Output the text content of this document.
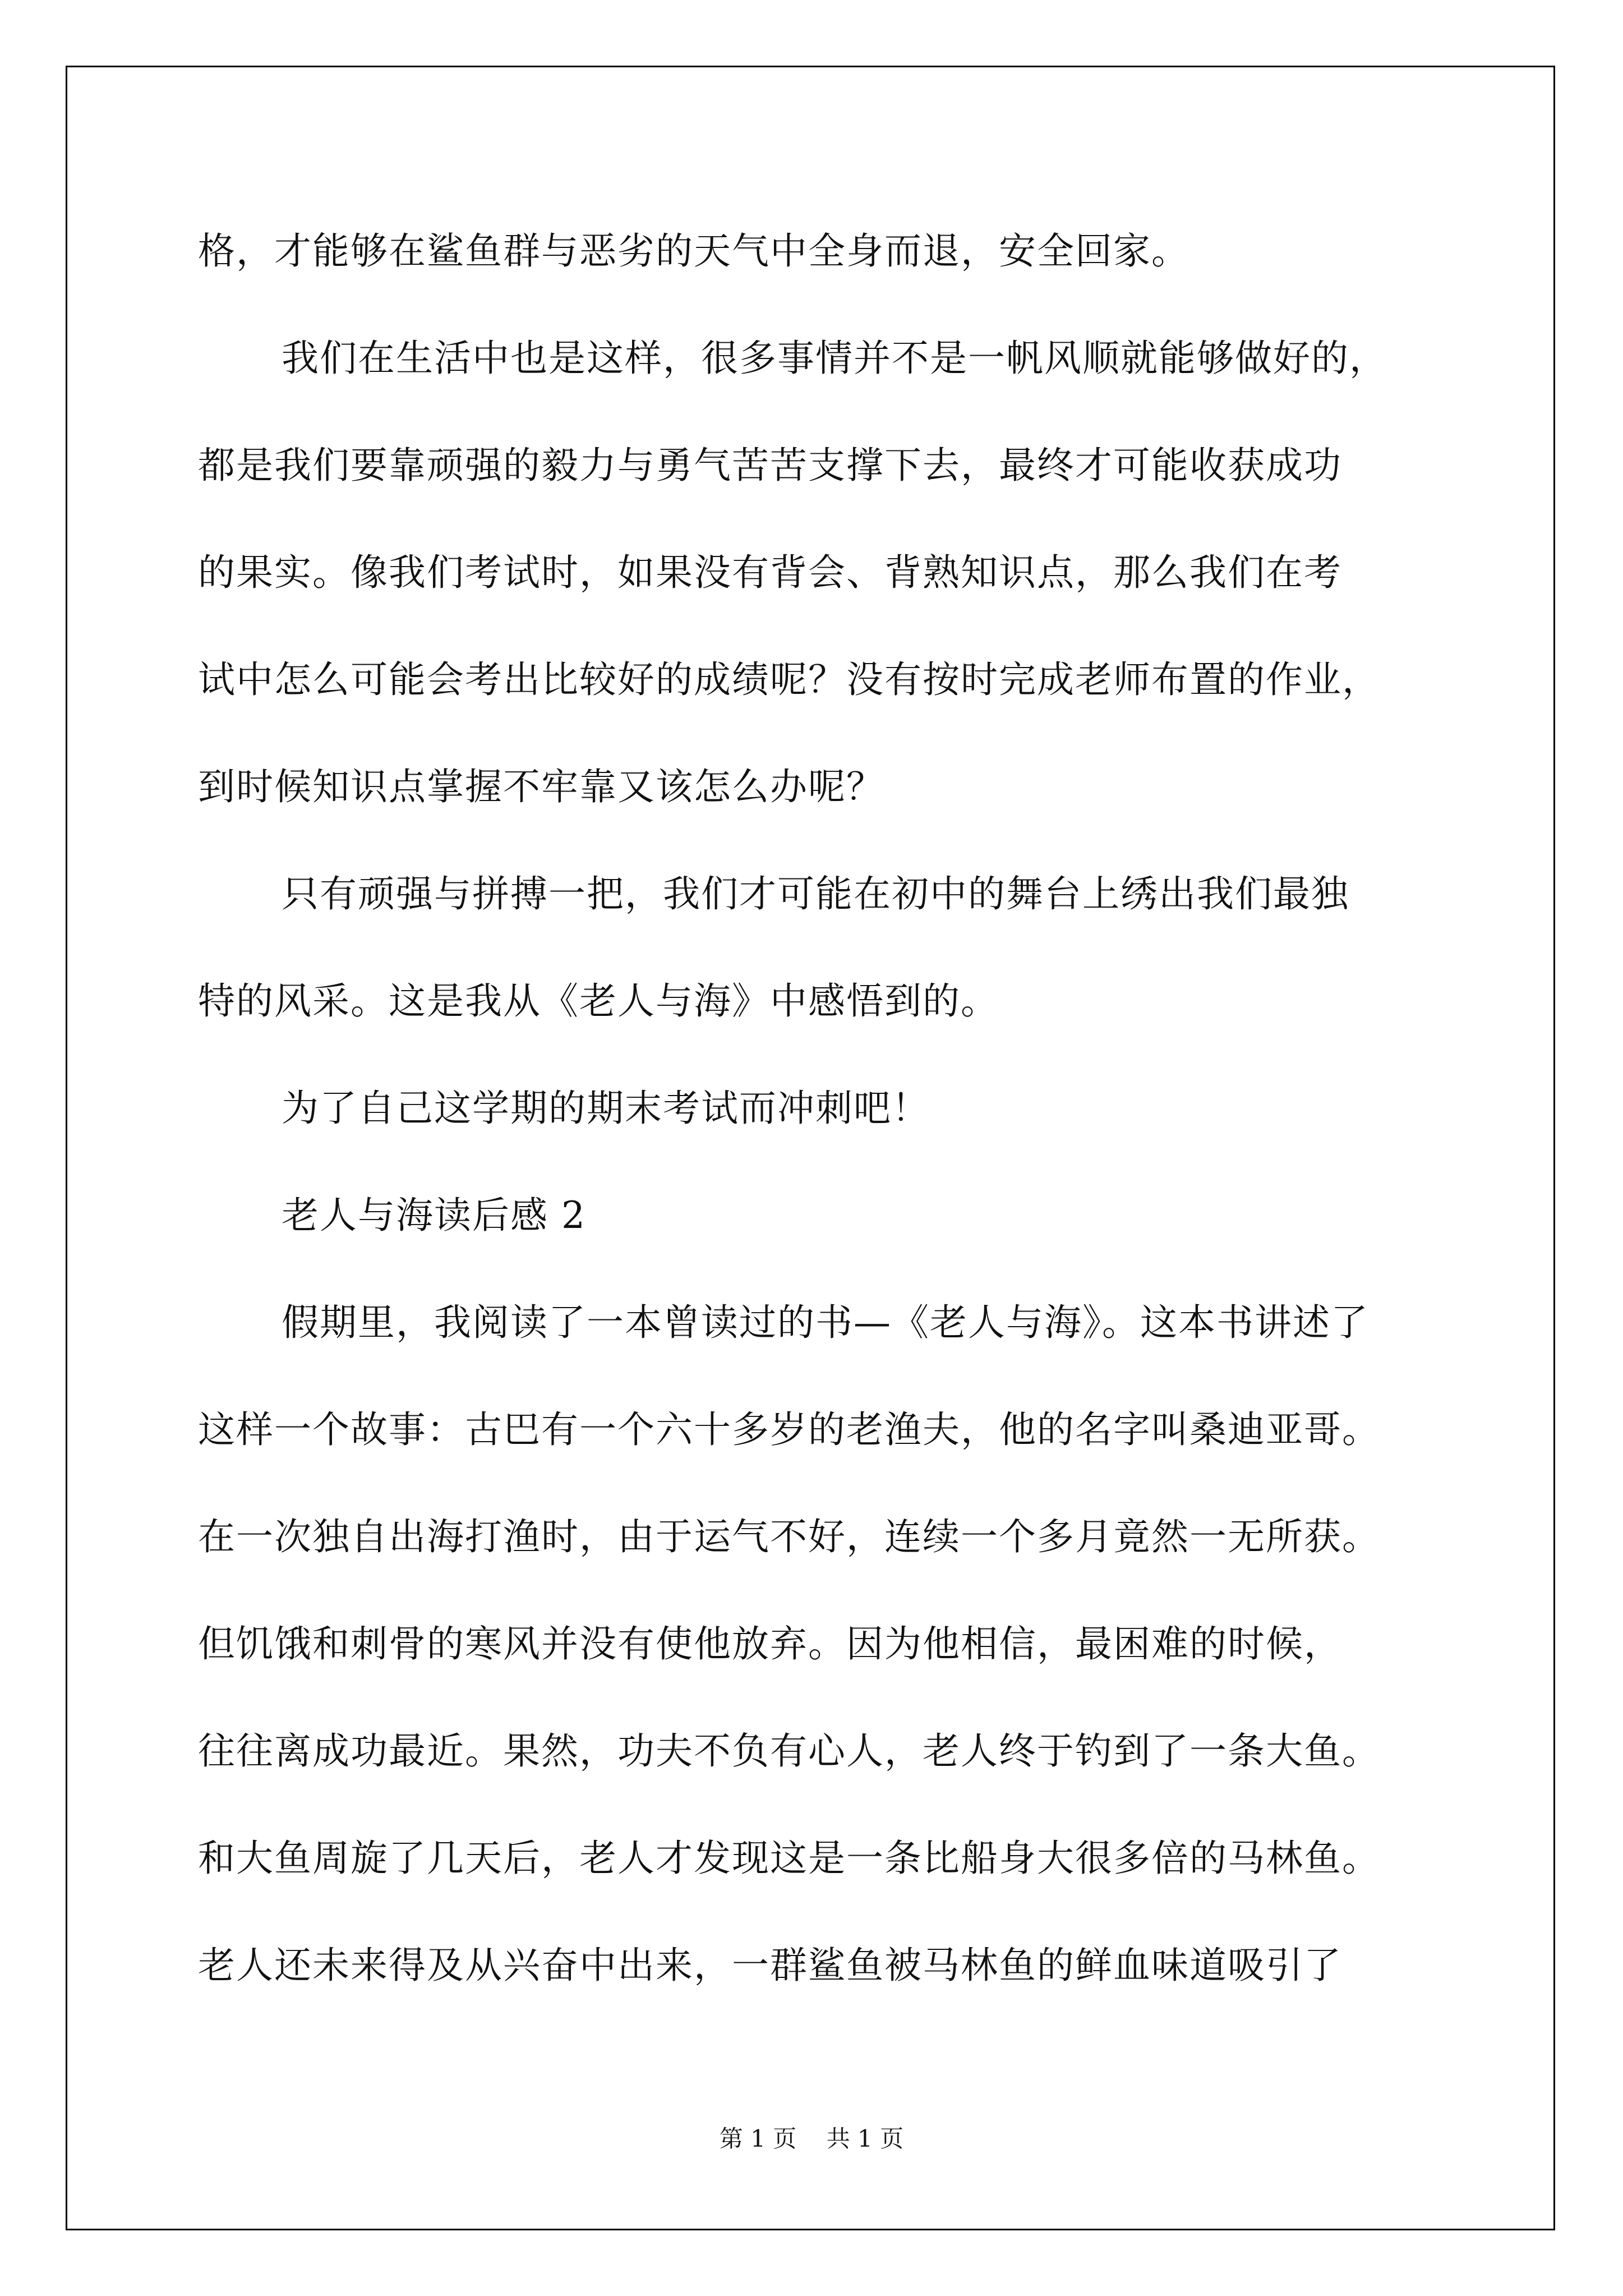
格，才能够在鲨鱼群与恶劣的天气中全身而退，安全回家。
我们在生活中也是这样，很多事情并不是一帆风顺就能够做好的，
都是我们要靠顽强的毅力与勇气苦苦支撑下去，最终才可能收获成功
的果实。像我们考试时，如果没有背会、背熟知识点，那么我们在考
试中怎么可能会考出比较好的成绩呢？没有按时完成老师布置的作业，
到时候知识点掌握不牢靠又该怎么办呢？
只有顽强与拼搏一把，我们才可能在初中的舞台上绣出我们最独
特的风采。这是我从《老人与海》中感悟到的。
为了自己这学期的期末考试而冲刺吧！
老人与海读后感 2
假期里，我阅读了一本曾读过的书—《老人与海》。这本书讲述了
这样一个故事：古巴有一个六十多岁的老渔夫，他的名字叫桑迪亚哥。
在一次独自出海打渔时，由于运气不好，连续一个多月竟然一无所获。
但饥饿和刺骨的寒风并没有使他放弃。因为他相信，最困难的时候，
往往离成功最近。果然，功夫不负有心人，老人终于钓到了一条大鱼。
和大鱼周旋了几天后，老人才发现这是一条比船身大很多倍的马林鱼。
老人还未来得及从兴奋中出来，一群鲨鱼被马林鱼的鲜血味道吸引了
第 1 页    共 1 页
